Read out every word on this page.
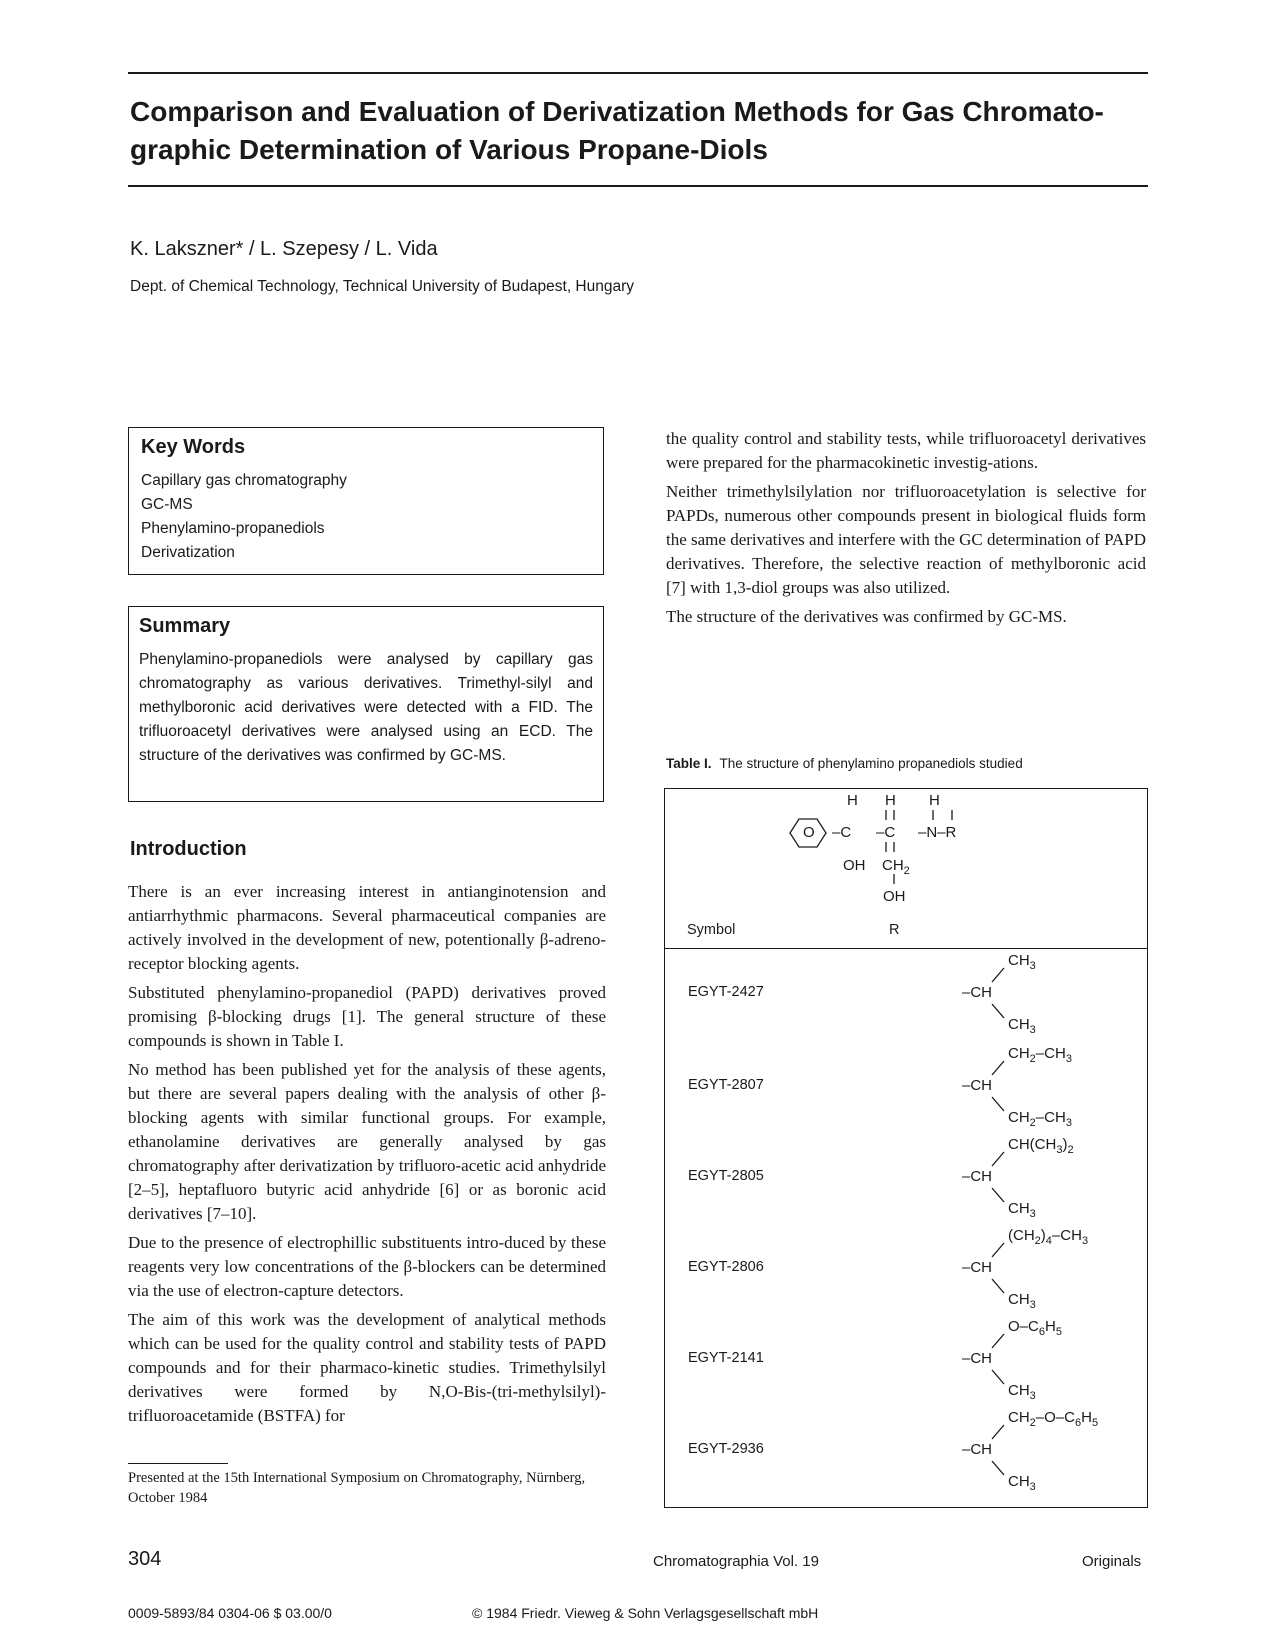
Comparison and Evaluation of Derivatization Methods for Gas Chromato-graphic Determination of Various Propane-Diols
K. Lakszner* / L. Szepesy / L. Vida
Dept. of Chemical Technology, Technical University of Budapest, Hungary
Key Words
Capillary gas chromatography
GC-MS
Phenylamino-propanediols
Derivatization
Summary

Phenylamino-propanediols were analysed by capillary gas chromatography as various derivatives. Trimethyl-silyl and methylboronic acid derivatives were detected with a FID. The trifluoroacetyl derivatives were analysed using an ECD. The structure of the derivatives was confirmed by GC-MS.

Introduction

There is an ever increasing interest in antianginotension and antiarrhythmic pharmacons. Several pharmaceutical companies are actively involved in the development of new, potentionally β-adreno-receptor blocking agents.

Substituted phenylamino-propanediol (PAPD) derivatives proved promising β-blocking drugs [1]. The general structure of these compounds is shown in Table I.

No method has been published yet for the analysis of these agents, but there are several papers dealing with the analysis of other β-blocking agents with similar functional groups. For example, ethanolamine derivatives are generally analysed by gas chromatography after derivatization by trifluoro-acetic acid anhydride [2–5], heptafluoro butyric acid anhydride [6] or as boronic acid derivatives [7–10].

Due to the presence of electrophillic substituents intro-duced by these reagents very low concentrations of the β-blockers can be determined via the use of electron-capture detectors.

The aim of this work was the development of analytical methods which can be used for the quality control and stability tests of PAPD compounds and for their pharmaco-kinetic studies. Trimethylsilyl derivatives were formed by N,O-Bis-(tri-methylsilyl)-trifluoroacetamide (BSTFA) for

Presented at the 15th International Symposium on Chromatography, Nürnberg, October 1984

the quality control and stability tests, while trifluoroacetyl derivatives were prepared for the pharmacokinetic investig-ations.

Neither trimethylsilylation nor trifluoroacetylation is selective for PAPDs, numerous other compounds present in biological fluids form the same derivatives and interfere with the GC determination of PAPD derivatives. Therefore, the selective reaction of methylboronic acid [7] with 1,3-diol groups was also utilized.

The structure of the derivatives was confirmed by GC-MS.

Table I. The structure of phenylamino propanediols studied
O
H H H
–C –C –N–R
OH $CH_2$
OH
Symbol	R
EGYT-2427
$CH_3$
–CH
$CH_3$
EGYT-2807
$CH_2-CH_3$
–CH
$CH_2-CH_3$
EGYT-2805
$CH(CH_3)_2$
–CH
$CH_3$
EGYT-2806
$(CH_2)_4-CH_3$
–CH
$CH_3$
EGYT-2141
$O-C_6H_5$
–CH
$CH_3$
EGYT-2936
$CH_2-O-C_6H_5$
–CH
$CH_3$
304	Chromatographia Vol. 19	Originals
0009-5893/84 0304-06 $ 03.00/0	© 1984 Friedr. Vieweg & Sohn Verlagsgesellschaft mbH
